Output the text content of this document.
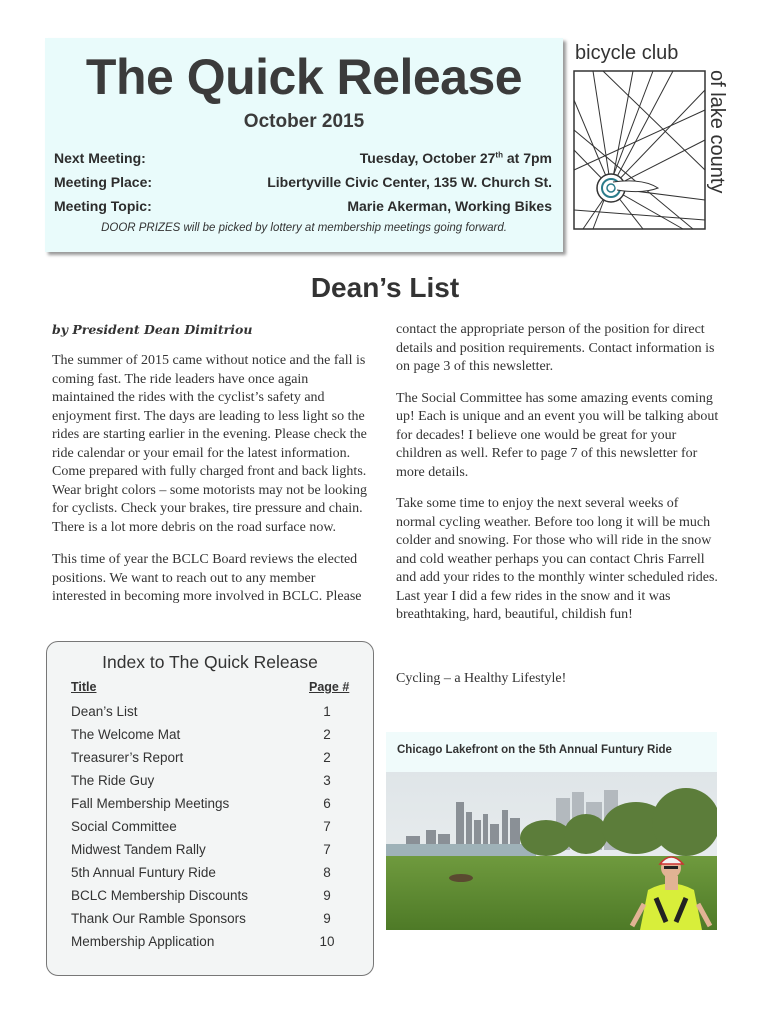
The Quick Release
October 2015
Next Meeting:	Tuesday, October 27th at 7pm
Meeting Place:	Libertyville Civic Center, 135 W. Church St.
Meeting Topic:	Marie Akerman, Working Bikes
DOOR PRIZES will be picked by lottery at membership meetings going forward.
bicycle club
of lake county
Dean’s List
by President Dean Dimitriou

The summer of 2015 came without notice and the fall is coming fast. The ride leaders have once again maintained the rides with the cyclist’s safety and enjoyment first. The days are leading to less light so the rides are starting earlier in the evening. Please check the ride calendar or your email for the latest information. Come prepared with fully charged front and back lights. Wear bright colors – some motorists may not be looking for cyclists. Check your brakes, tire pressure and chain. There is a lot more debris on the road surface now.

This time of year the BCLC Board reviews the elected positions. We want to reach out to any member interested in becoming more involved in BCLC. Please

contact the appropriate person of the position for direct details and position requirements. Contact information is on page 3 of this newsletter.

The Social Committee has some amazing events coming up! Each is unique and an event you will be talking about for decades! I believe one would be great for your children as well. Refer to page 7 of this newsletter for more details.

Take some time to enjoy the next several weeks of normal cycling weather. Before too long it will be much colder and snowing. For those who will ride in the snow and cold weather perhaps you can contact Chris Farrell and add your rides to the monthly winter scheduled rides. Last year I did a few rides in the snow and it was breathtaking, hard, beautiful, childish fun!

Cycling – a Healthy Lifestyle!
Index to The Quick Release
Title	Page #
Dean’s List	1
The Welcome Mat	2
Treasurer’s Report	2
The Ride Guy	3
Fall Membership Meetings	6
Social Committee	7
Midwest Tandem Rally	7
5th Annual Funtury Ride	8
BCLC Membership Discounts	9
Thank Our Ramble Sponsors	9
Membership Application	10
Chicago Lakefront on the 5th Annual Funtury Ride
